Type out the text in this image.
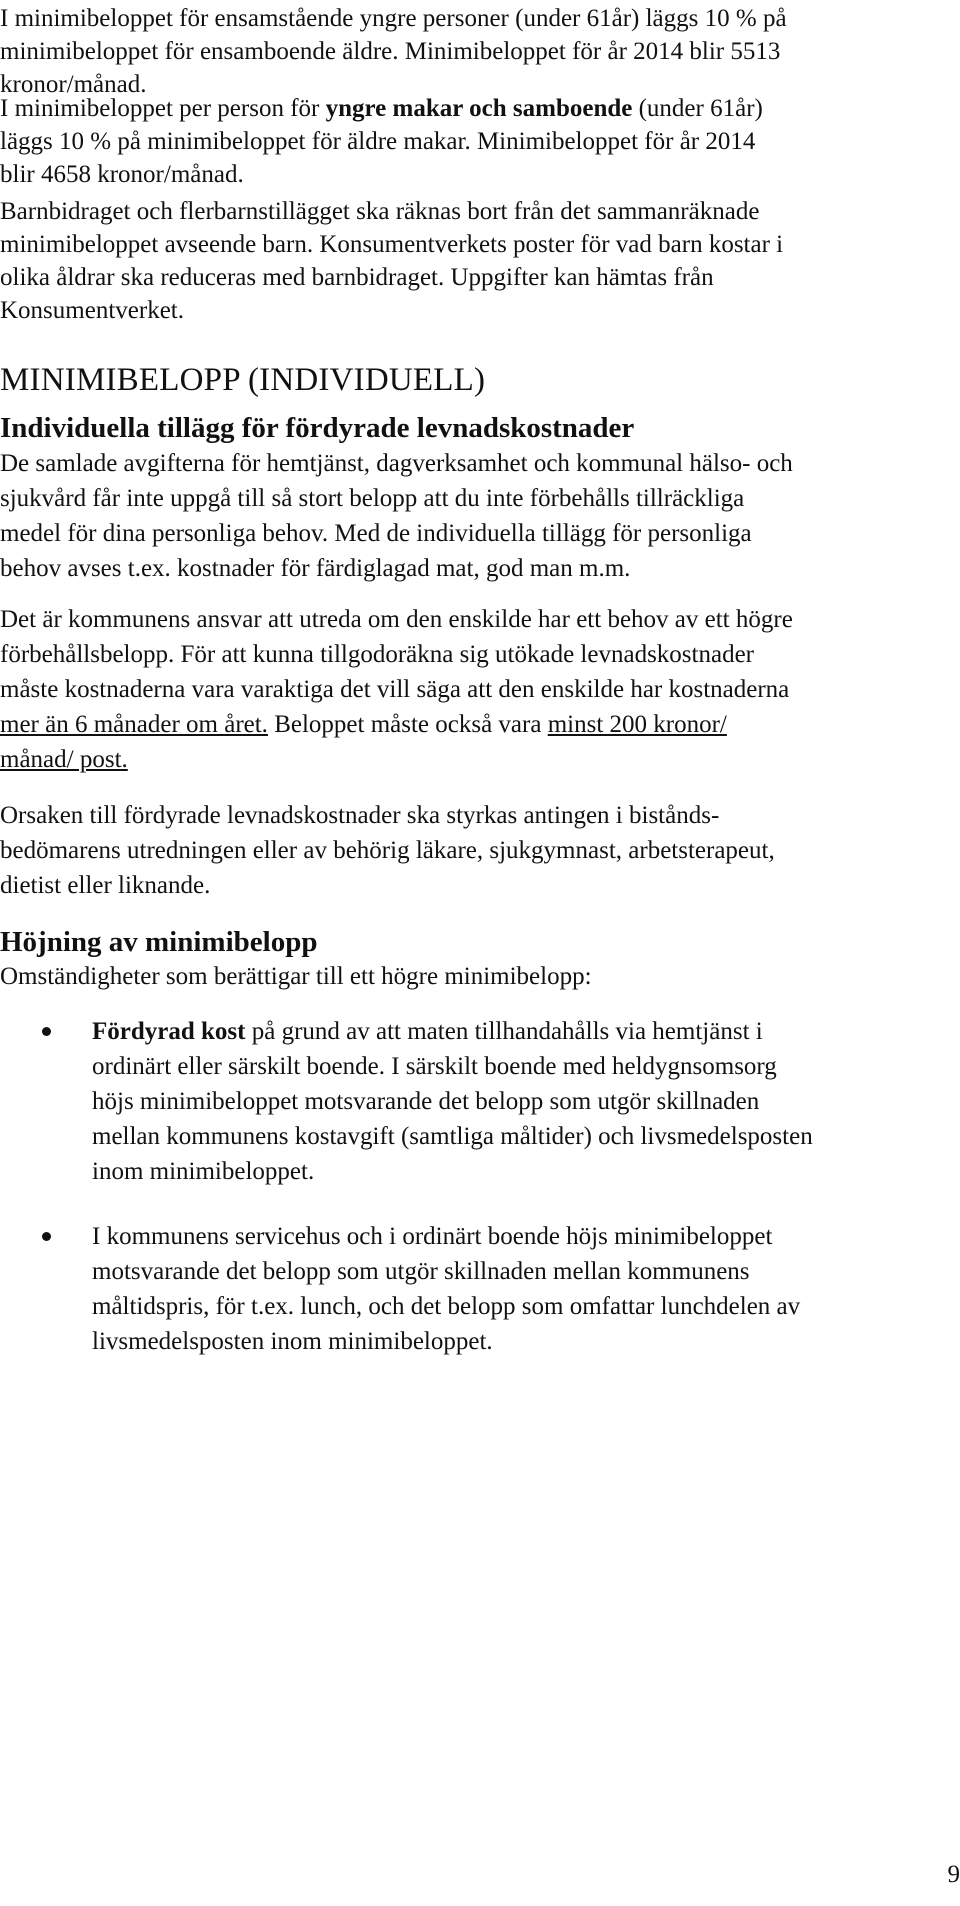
I minimibeloppet för ensamstående yngre personer (under 61år) läggs 10 % på
minimibeloppet för ensamboende äldre. Minimibeloppet för år 2014 blir 5513
kronor/månad.

I minimibeloppet per person för yngre makar och samboende (under 61år)
läggs 10 % på minimibeloppet för äldre makar. Minimibeloppet för år 2014
blir 4658 kronor/månad.

Barnbidraget och flerbarnstillägget ska räknas bort från det sammanräknade
minimibeloppet avseende barn. Konsumentverkets poster för vad barn kostar i
olika åldrar ska reduceras med barnbidraget. Uppgifter kan hämtas från
Konsumentverket.

MINIMIBELOPP (INDIVIDUELL)
Individuella tillägg för fördyrade levnadskostnader

De samlade avgifterna för hemtjänst, dagverksamhet och kommunal hälso- och
sjukvård får inte uppgå till så stort belopp att du inte förbehålls tillräckliga
medel för dina personliga behov. Med de individuella tillägg för personliga
behov avses t.ex. kostnader för färdiglagad mat, god man m.m.

Det är kommunens ansvar att utreda om den enskilde har ett behov av ett högre
förbehållsbelopp. För att kunna tillgodoräkna sig utökade levnadskostnader
måste kostnaderna vara varaktiga det vill säga att den enskilde har kostnaderna
mer än 6 månader om året. Beloppet måste också vara minst 200 kronor/
månad/ post.

Orsaken till fördyrade levnadskostnader ska styrkas antingen i bistånds-
bedömarens utredningen eller av behörig läkare, sjukgymnast, arbetsterapeut,
dietist eller liknande.

Höjning av minimibelopp

Omständigheter som berättigar till ett högre minimibelopp:

Fördyrad kost på grund av att maten tillhandahålls via hemtjänst i
ordinärt eller särskilt boende. I särskilt boende med heldygnsomsorg
höjs minimibeloppet motsvarande det belopp som utgör skillnaden
mellan kommunens kostavgift (samtliga måltider) och livsmedelsposten
inom minimibeloppet.
I kommunens servicehus och i ordinärt boende höjs minimibeloppet
motsvarande det belopp som utgör skillnaden mellan kommunens
måltidspris, för t.ex. lunch, och det belopp som omfattar lunchdelen av
livsmedelsposten inom minimibeloppet.
9
